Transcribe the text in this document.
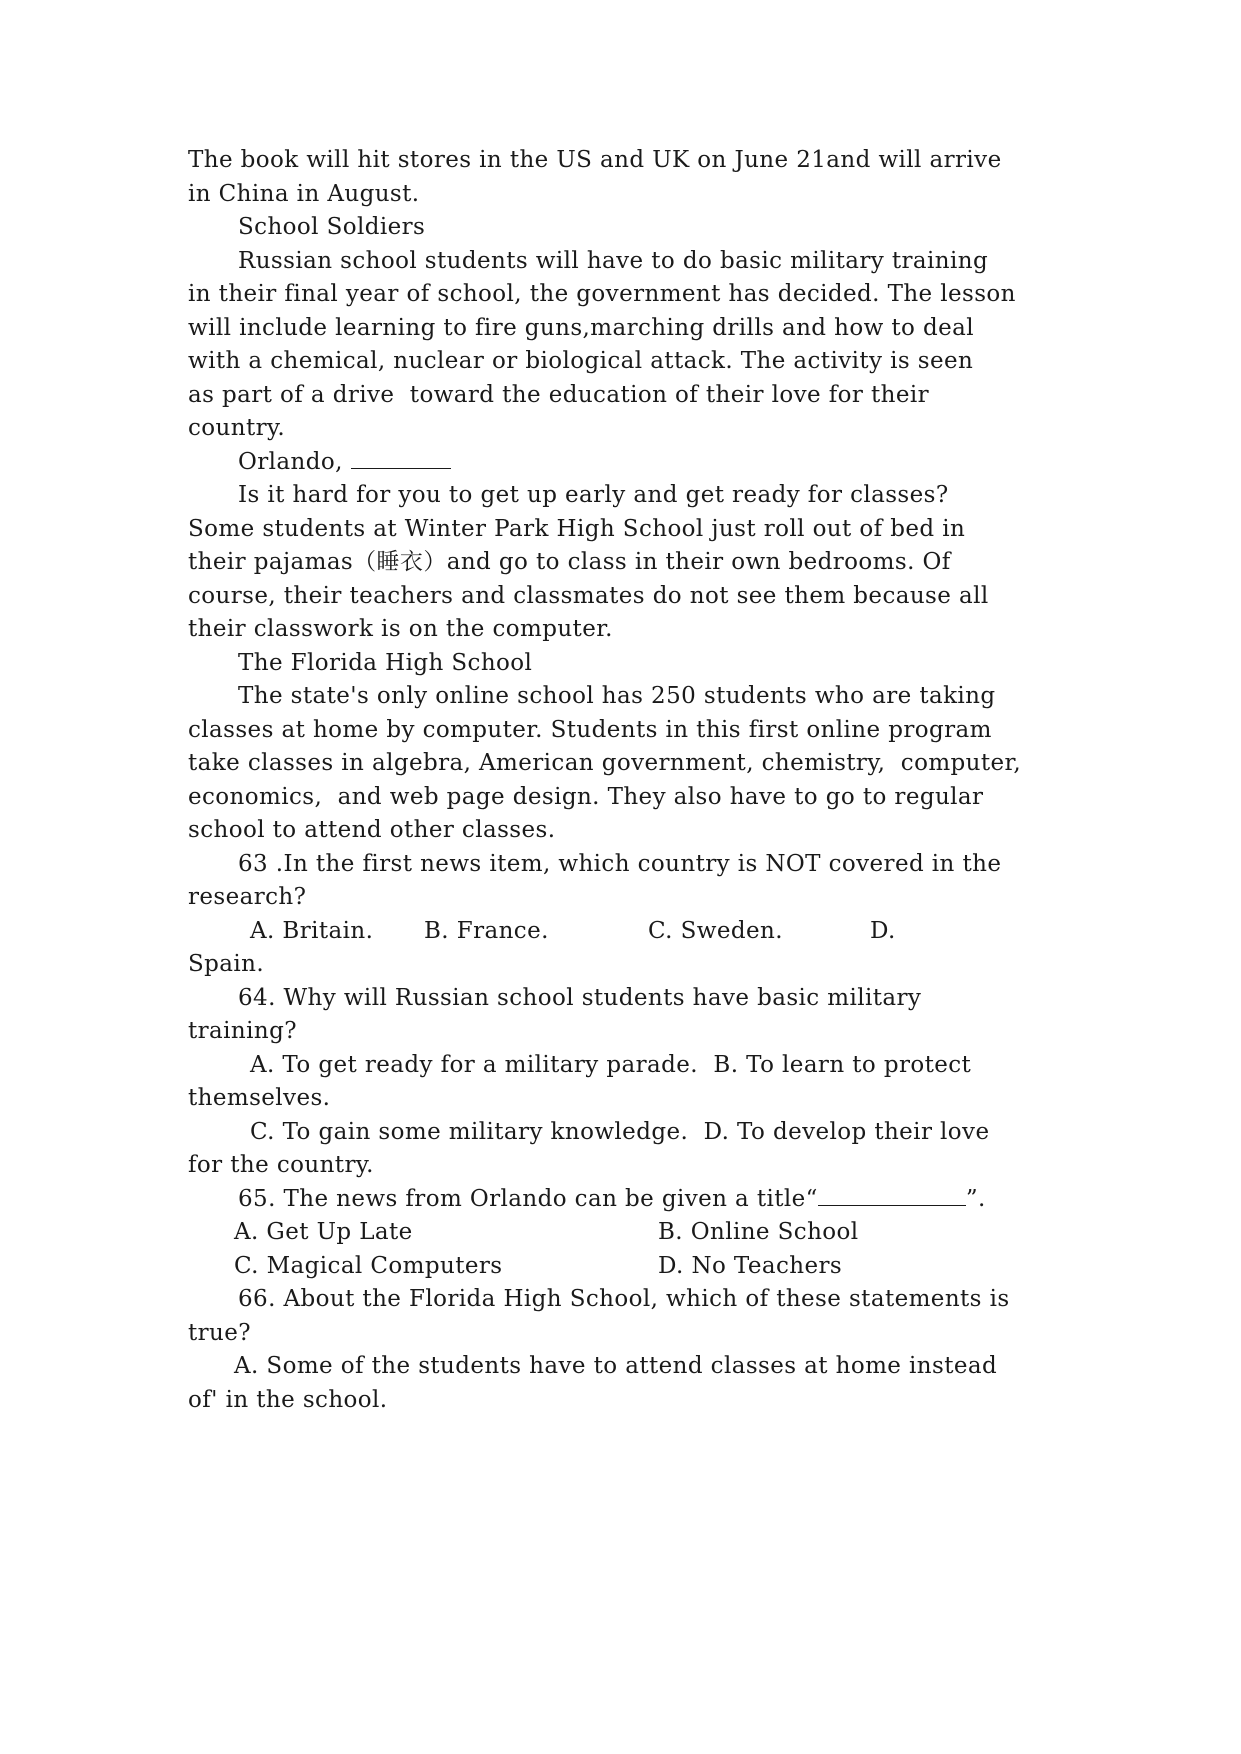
The book will hit stores in the US and UK on June 21and will arrive
in China in August.
School Soldiers
Russian school students will have to do basic military training
in their final year of school, the government has decided. The lesson
will include learning to fire guns,marching drills and how to deal
with a chemical, nuclear or biological attack. The activity is seen
as part of a drive  toward the education of their love for their
country.
Orlando,
Is it hard for you to get up early and get ready for classes?
Some students at Winter Park High School just roll out of bed in
their pajamas（睡衣）and go to class in their own bedrooms. Of
course, their teachers and classmates do not see them because all
their classwork is on the computer.
The Florida High School
The state's only online school has 250 students who are taking
classes at home by computer. Students in this first online program
take classes in algebra, American government, chemistry,  computer,
economics,  and web page design. They also have to go to regular
school to attend other classes.
63 .In the first news item, which country is NOT covered in the
research?
A. Britain. B. France.	C. Sweden.	D.
Spain.
64. Why will Russian school students have basic military
training?
A. To get ready for a military parade.  B. To learn to protect
themselves.
C. To gain some military knowledge.  D. To develop their love
for the country.
65. The news from Orlando can be given a title“	”.
A. Get Up Late	B. Online School
C. Magical Computers	D. No Teachers
66. About the Florida High School, which of these statements is
true?
A. Some of the students have to attend classes at home instead
of' in the school.
